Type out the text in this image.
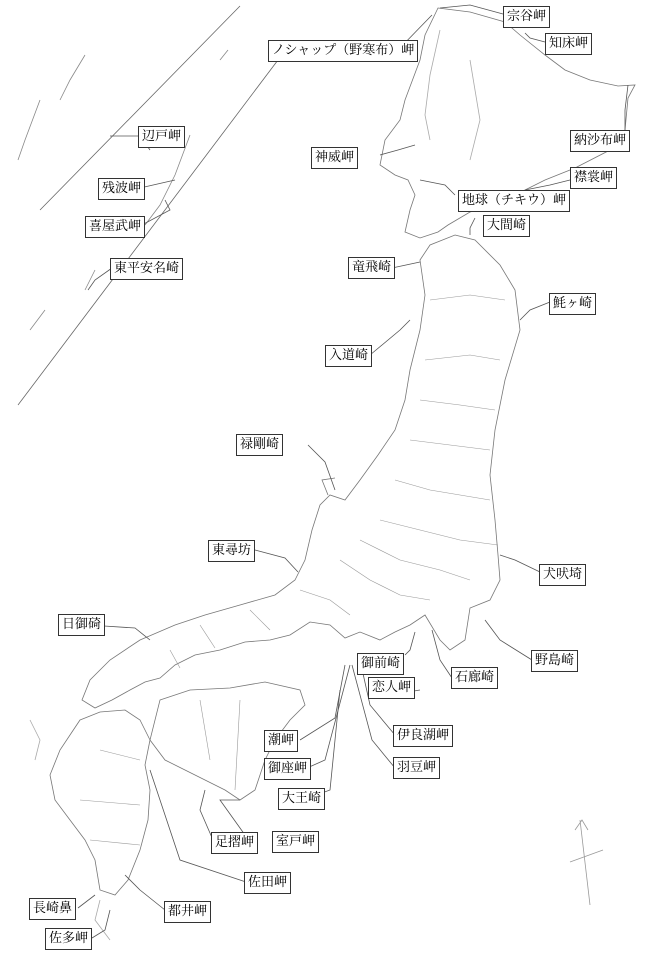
宗谷岬
知床岬
ノシャップ（野寒布）岬
納沙布岬
神威岬
襟裳岬
地球（チキウ）岬
大間崎
辺戸岬
残波岬
喜屋武岬
東平安名崎	竜飛崎
魹ヶ崎
入道崎
禄剛崎
東尋坊
犬吠埼
日御碕
野島崎
御前崎
石廊崎
恋人岬
伊良湖岬
潮岬
羽豆岬
御座岬
大王崎
足摺岬	室戸岬
佐田岬
都井岬
長崎鼻
佐多岬
